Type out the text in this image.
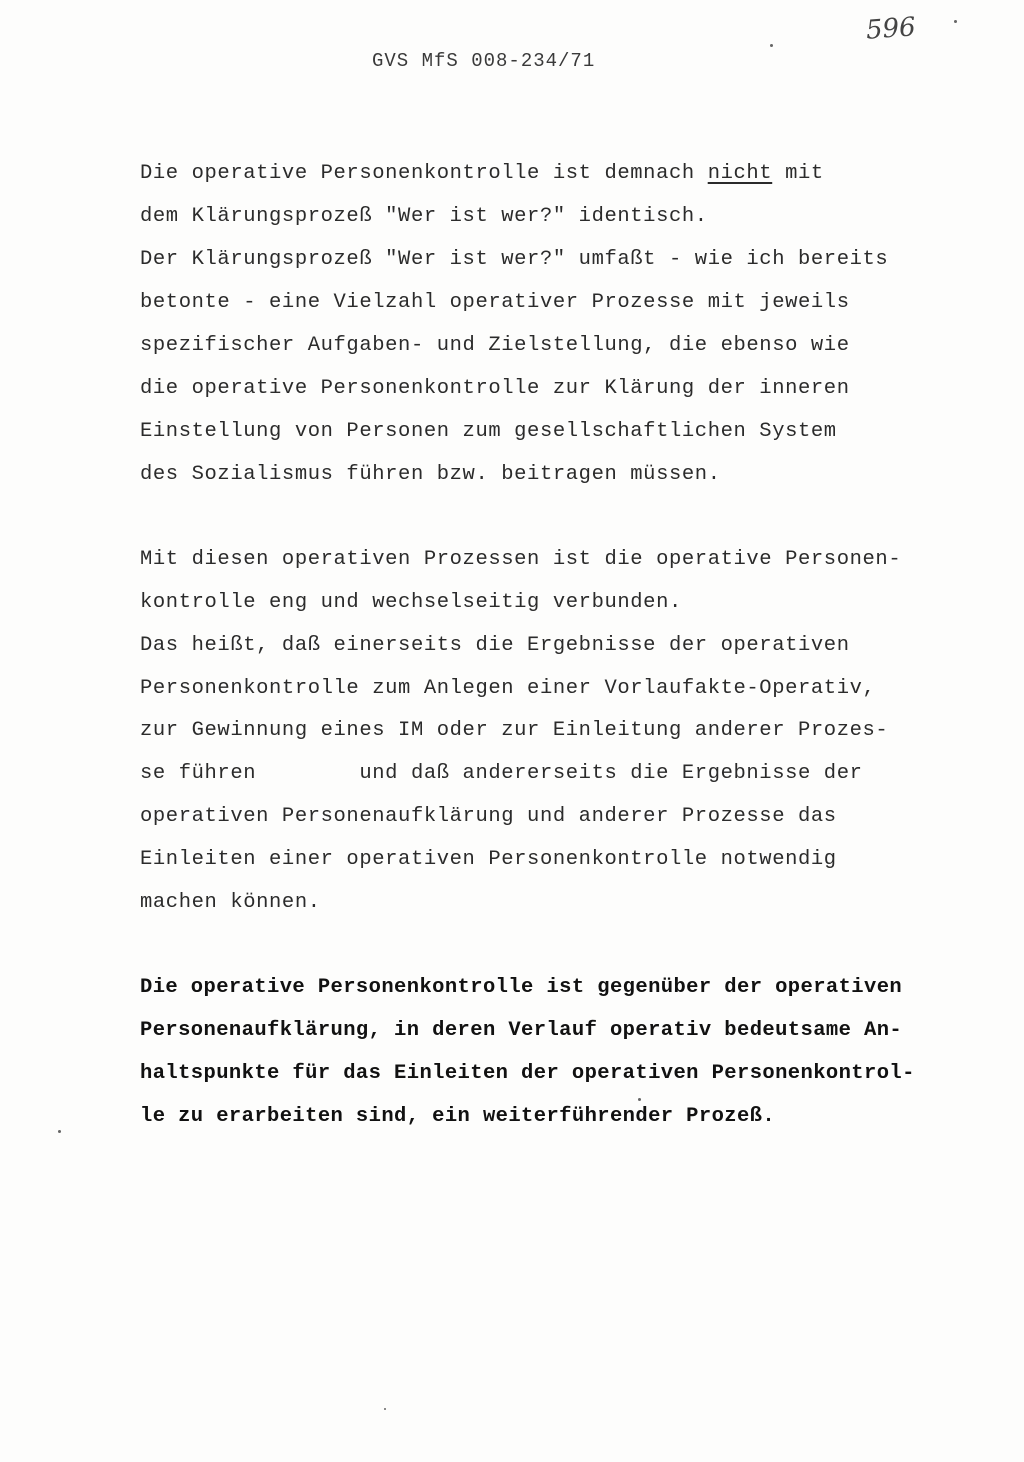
GVS MfS 008-234/71
596
Die operative Personenkontrolle ist demnach nicht mit
dem Klärungsprozeß "Wer ist wer?" identisch.
Der Klärungsprozeß "Wer ist wer?" umfaßt - wie ich bereits
betonte - eine Vielzahl operativer Prozesse mit jeweils
spezifischer Aufgaben- und Zielstellung, die ebenso wie
die operative Personenkontrolle zur Klärung der inneren
Einstellung von Personen zum gesellschaftlichen System
des Sozialismus führen bzw. beitragen müssen.
Mit diesen operativen Prozessen ist die operative Personen-
kontrolle eng und wechselseitig verbunden.
Das heißt, daß einerseits die Ergebnisse der operativen
Personenkontrolle zum Anlegen einer Vorlaufakte-Operativ,
zur Gewinnung eines IM oder zur Einleitung anderer Prozes-
se führen        und daß andererseits die Ergebnisse der
operativen Personenaufklärung und anderer Prozesse das
Einleiten einer operativen Personenkontrolle notwendig
machen können.
Die operative Personenkontrolle ist gegenüber der operativen
Personenaufklärung, in deren Verlauf operativ bedeutsame An-
haltspunkte für das Einleiten der operativen Personenkontrol-
le zu erarbeiten sind, ein weiterführender Prozeß.
